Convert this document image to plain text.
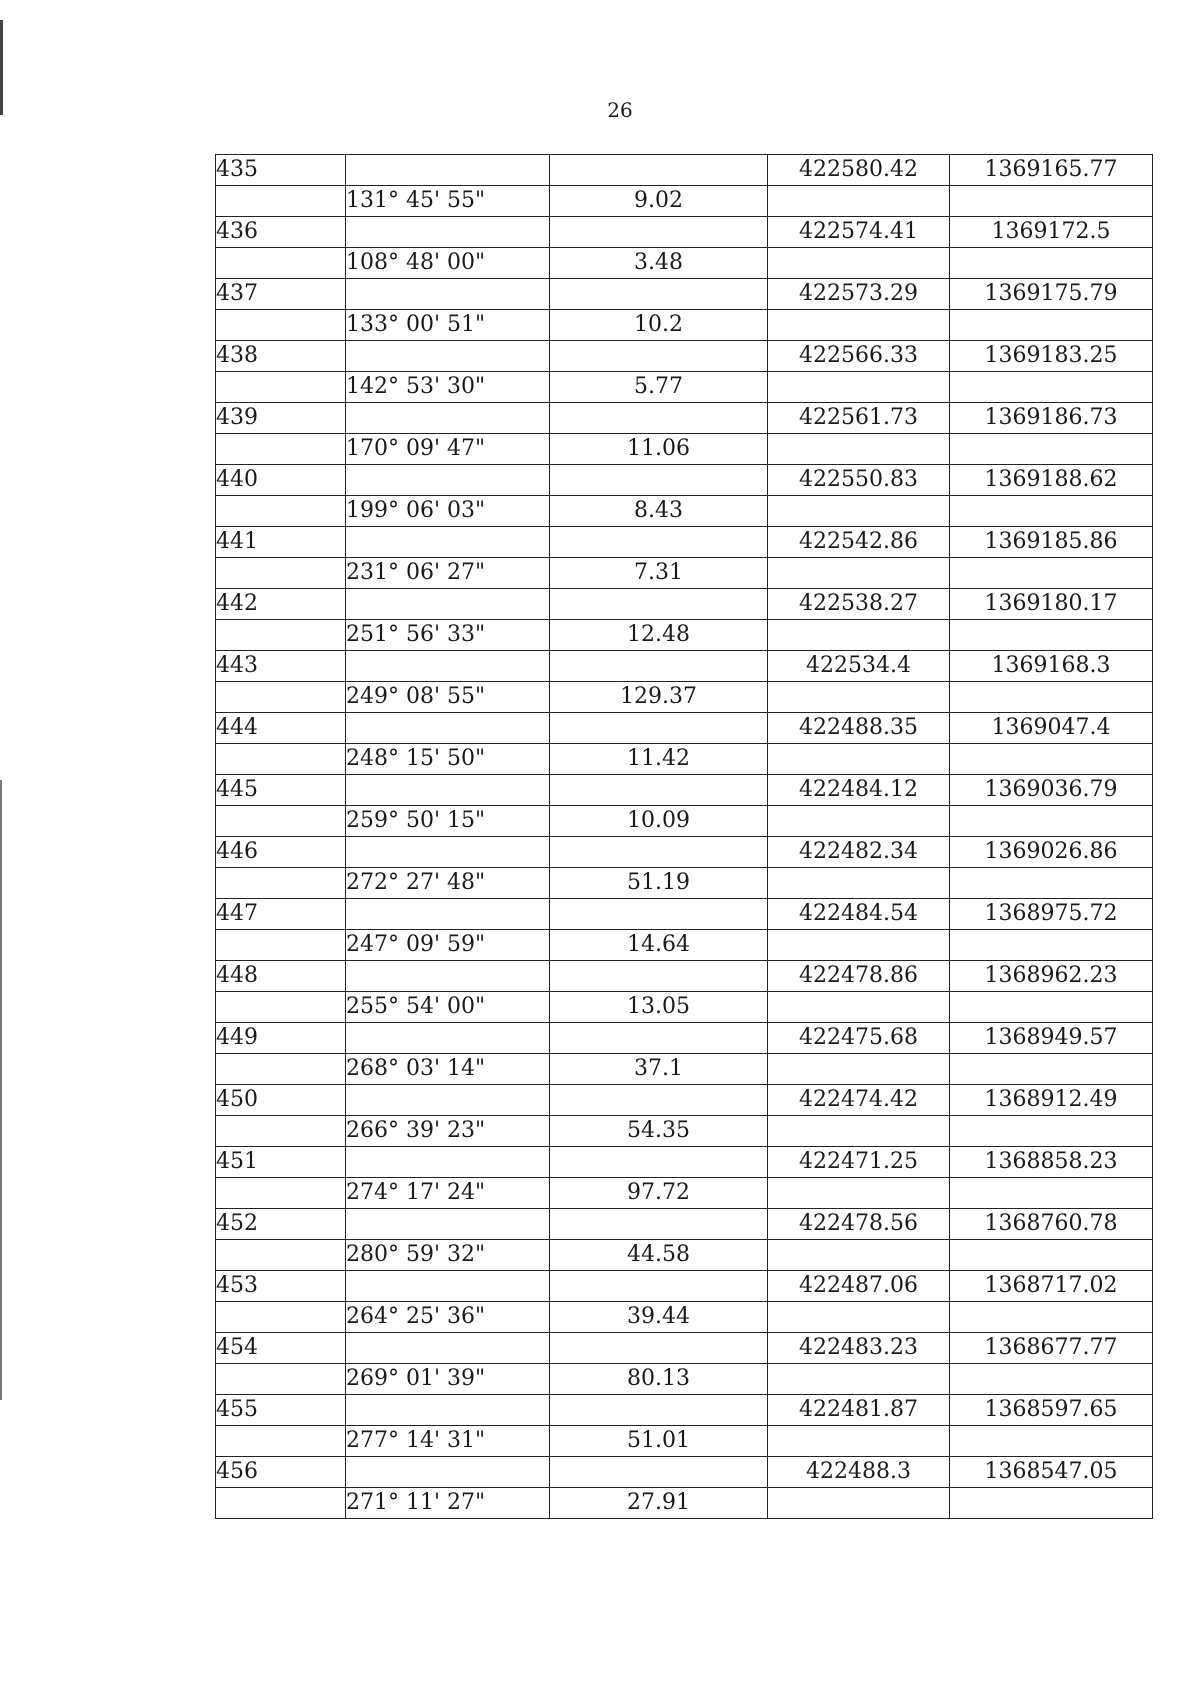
26
435			422580.42	1369165.77
	131° 45' 55"	9.02		
436			422574.41	1369172.5
	108° 48' 00"	3.48		
437			422573.29	1369175.79
	133° 00' 51"	10.2		
438			422566.33	1369183.25
	142° 53' 30"	5.77		
439			422561.73	1369186.73
	170° 09' 47"	11.06		
440			422550.83	1369188.62
	199° 06' 03"	8.43		
441			422542.86	1369185.86
	231° 06' 27"	7.31		
442			422538.27	1369180.17
	251° 56' 33"	12.48		
443			422534.4	1369168.3
	249° 08' 55"	129.37		
444			422488.35	1369047.4
	248° 15' 50"	11.42		
445			422484.12	1369036.79
	259° 50' 15"	10.09		
446			422482.34	1369026.86
	272° 27' 48"	51.19		
447			422484.54	1368975.72
	247° 09' 59"	14.64		
448			422478.86	1368962.23
	255° 54' 00"	13.05		
449			422475.68	1368949.57
	268° 03' 14"	37.1		
450			422474.42	1368912.49
	266° 39' 23"	54.35		
451			422471.25	1368858.23
	274° 17' 24"	97.72		
452			422478.56	1368760.78
	280° 59' 32"	44.58		
453			422487.06	1368717.02
	264° 25' 36"	39.44		
454			422483.23	1368677.77
	269° 01' 39"	80.13		
455			422481.87	1368597.65
	277° 14' 31"	51.01		
456			422488.3	1368547.05
	271° 11' 27"	27.91		
